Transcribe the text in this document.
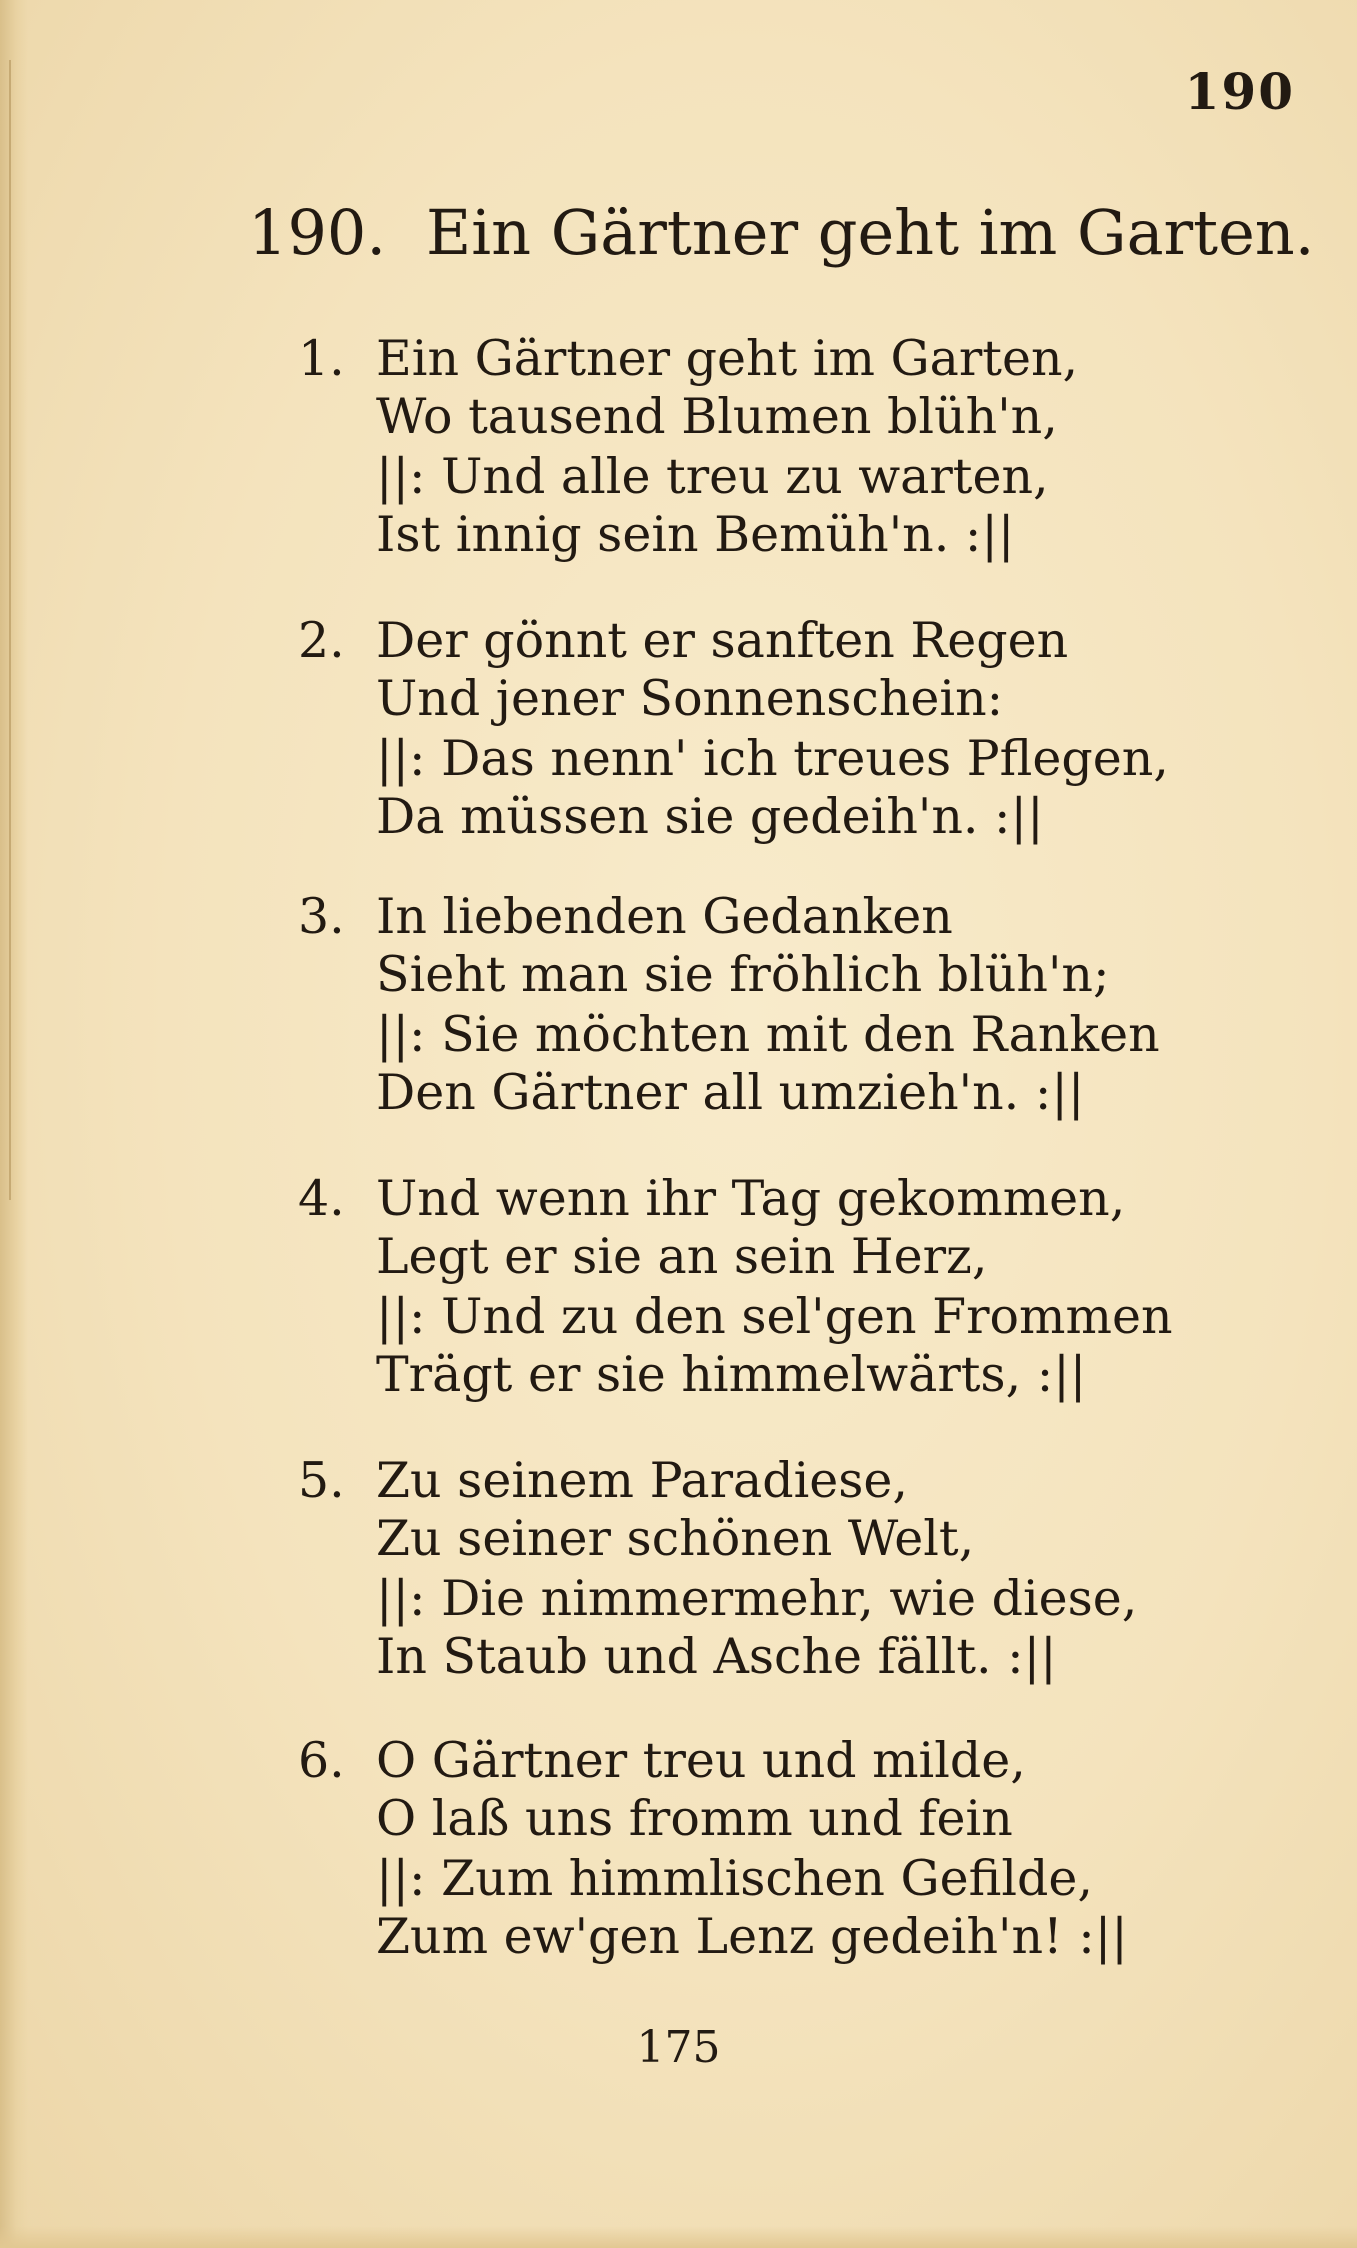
190
190. Ein Gärtner geht im Garten.
1. Ein Gärtner geht im Garten,
Wo tausend Blumen blüh'n,
||: Und alle treu zu warten,
Ist innig sein Bemüh'n. :||
2. Der gönnt er sanften Regen
Und jener Sonnenschein:
||: Das nenn' ich treues Pflegen,
Da müssen sie gedeih'n. :||
3. In liebenden Gedanken
Sieht man sie fröhlich blüh'n;
||: Sie möchten mit den Ranken
Den Gärtner all umzieh'n. :||
4. Und wenn ihr Tag gekommen,
Legt er sie an sein Herz,
||: Und zu den sel'gen Frommen
Trägt er sie himmelwärts, :||
5. Zu seinem Paradiese,
Zu seiner schönen Welt,
||: Die nimmermehr, wie diese,
In Staub und Asche fällt. :||
6. O Gärtner treu und milde,
O laß uns fromm und fein
||: Zum himmlischen Gefilde,
Zum ew'gen Lenz gedeih'n! :||
175
